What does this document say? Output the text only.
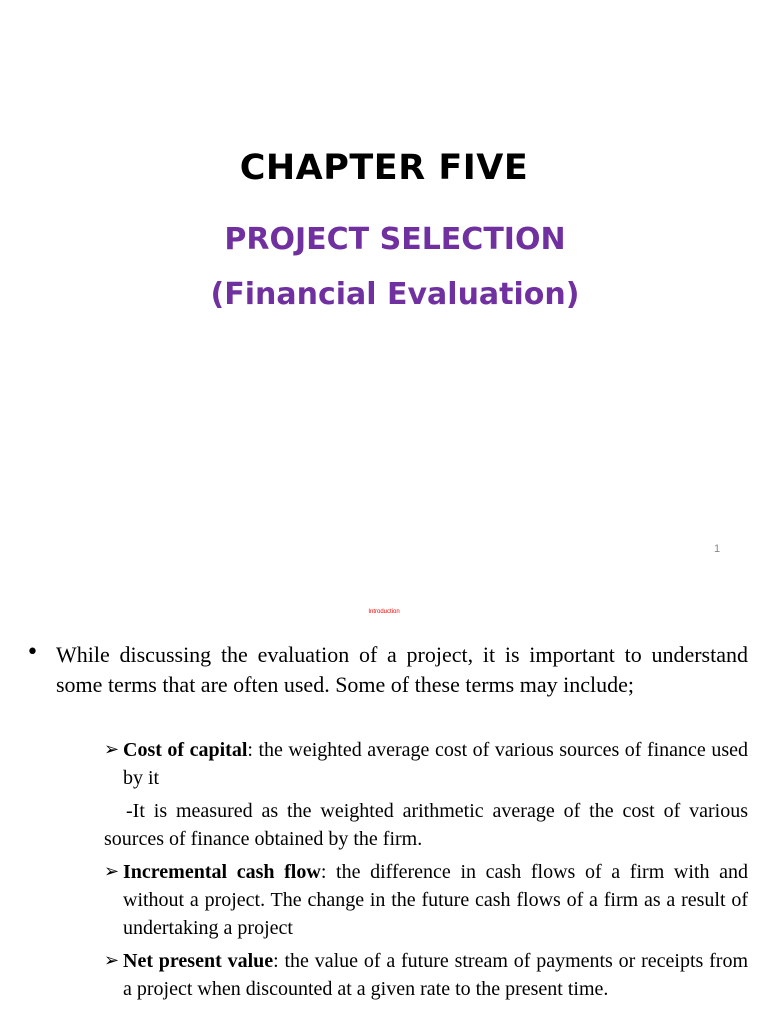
CHAPTER FIVE
PROJECT SELECTION
(Financial Evaluation)
1
Introduction
• While discussing the evaluation of a project, it is important to understand some terms that are often used. Some of these terms may include;
➢ Cost of capital: the weighted average cost of various sources of finance used by it
-It is measured as the weighted arithmetic average of the cost of various sources of finance obtained by the firm.
➢ Incremental cash flow: the difference in cash flows of a firm with and without a project. The change in the future cash flows of a firm as a result of undertaking a project
➢ Net present value: the value of a future stream of payments or receipts from a project when discounted at a given rate to the present time.
